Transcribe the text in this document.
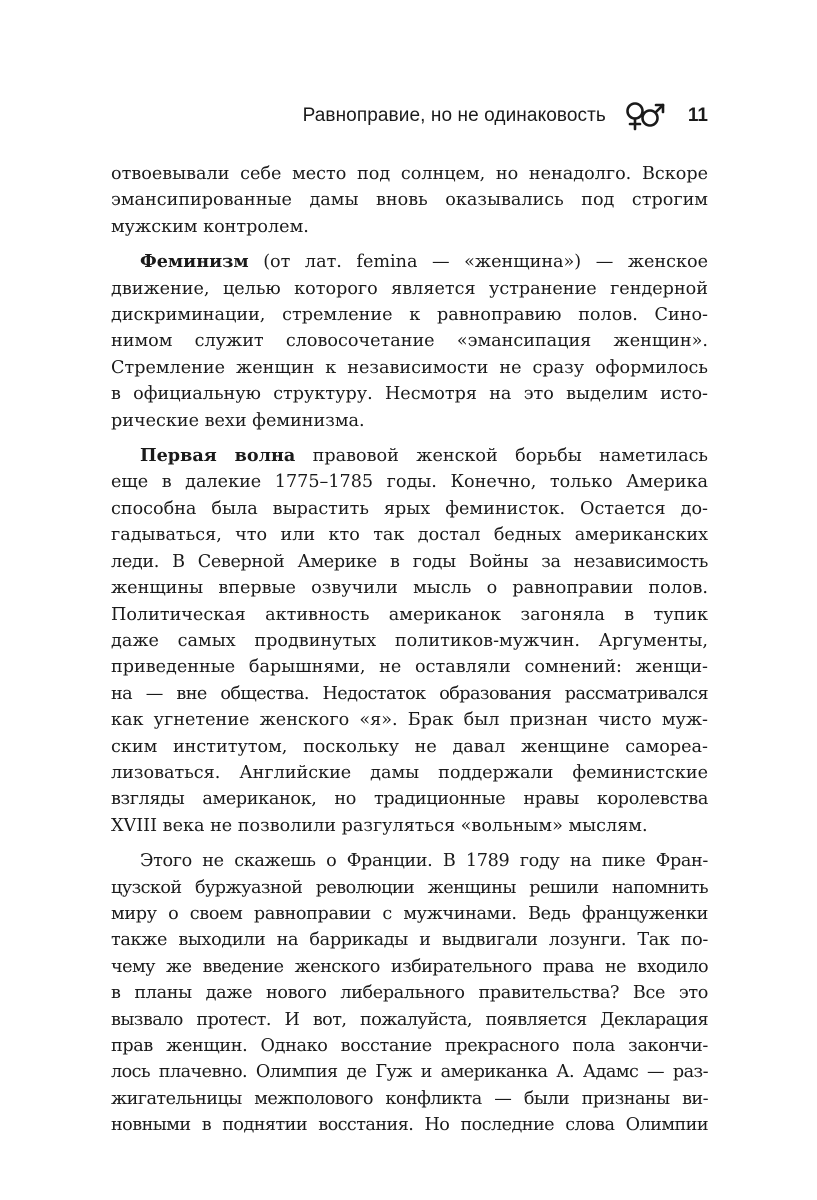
Равноправие, но не одинаковость	11

отвоевывали себе место под солнцем, но ненадолго. Вскоре
эмансипированные дамы вновь оказывались под строгим
мужским контролем.

Феминизм (от лат. femina — «женщина») — женское
движение, целью которого является устранение гендерной
дискриминации, стремление к равноправию полов. Сино-
нимом служит словосочетание «эмансипация женщин».
Стремление женщин к независимости не сразу оформилось
в официальную структуру. Несмотря на это выделим исто-
рические вехи феминизма.

Первая волна правовой женской борьбы наметилась
еще в далекие 1775–1785 годы. Конечно, только Америка
способна была вырастить ярых феминисток. Остается до-
гадываться, что или кто так достал бедных американских
леди. В Северной Америке в годы Войны за независимость
женщины впервые озвучили мысль о равноправии полов.
Политическая активность американок загоняла в тупик
даже самых продвинутых политиков-мужчин. Аргументы,
приведенные барышнями, не оставляли сомнений: женщи-
на — вне общества. Недостаток образования рассматривался
как угнетение женского «я». Брак был признан чисто муж-
ским институтом, поскольку не давал женщине самореа-
лизоваться. Английские дамы поддержали феминистские
взгляды американок, но традиционные нравы королевства
XVIII века не позволили разгуляться «вольным» мыслям.

Этого не скажешь о Франции. В 1789 году на пике Фран-
цузской буржуазной революции женщины решили напомнить
миру о своем равноправии с мужчинами. Ведь француженки
также выходили на баррикады и выдвигали лозунги. Так по-
чему же введение женского избирательного права не входило
в планы даже нового либерального правительства? Все это
вызвало протест. И вот, пожалуйста, появляется Декларация
прав женщин. Однако восстание прекрасного пола закончи-
лось плачевно. Олимпия де Гуж и американка А. Адамс — раз-
жигательницы межполового конфликта — были признаны ви-
новными в поднятии восстания. Но последние слова Олимпии
